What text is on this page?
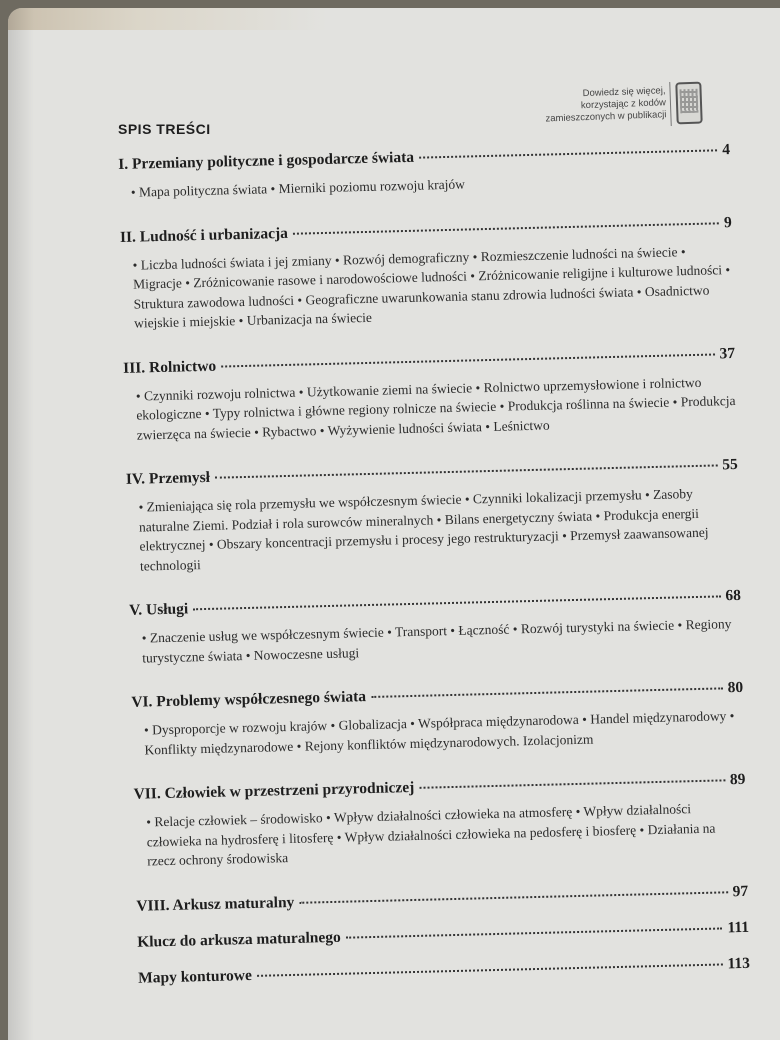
Dowiedz się więcej,
korzystając z kodów
zamieszczonych w publikacji
SPIS TREŚCI
I. Przemiany polityczne i gospodarcze świata	4
• Mapa polityczna świata • Mierniki poziomu rozwoju krajów
II. Ludność i urbanizacja
9
• Liczba ludności świata i jej zmiany • Rozwój demograficzny • Rozmieszczenie ludności na świecie • Migracje • Zróżnicowanie rasowe i narodowościowe ludności • Zróżnicowanie religijne i kulturowe ludności • Struktura zawodowa ludności • Geograficzne uwarunkowania stanu zdrowia ludności świata • Osadnictwo wiejskie i miejskie • Urbanizacja na świecie
III. Rolnictwo
37
• Czynniki rozwoju rolnictwa • Użytkowanie ziemi na świecie • Rolnictwo uprzemysłowione i rolnictwo ekologiczne • Typy rolnictwa i główne regiony rolnicze na świecie • Produkcja roślinna na świecie • Produkcja zwierzęca na świecie • Rybactwo • Wyżywienie ludności świata • Leśnictwo
IV. Przemysł
55
• Zmieniająca się rola przemysłu we współczesnym świecie • Czynniki lokalizacji przemysłu • Zasoby naturalne Ziemi. Podział i rola surowców mineralnych • Bilans energetyczny świata • Produkcja energii elektrycznej • Obszary koncentracji przemysłu i procesy jego restrukturyzacji • Przemysł zaawansowanej technologii
V. Usługi
68
• Znaczenie usług we współczesnym świecie • Transport • Łączność • Rozwój turystyki na świecie • Regiony turystyczne świata • Nowoczesne usługi
VI. Problemy współczesnego świata
80
• Dysproporcje w rozwoju krajów • Globalizacja • Współpraca międzynarodowa • Handel międzynarodowy • Konflikty międzynarodowe • Rejony konfliktów międzynarodowych. Izolacjonizm
VII. Człowiek w przestrzeni przyrodniczej	89
• Relacje człowiek – środowisko • Wpływ działalności człowieka na atmosferę • Wpływ działalności człowieka na hydrosferę i litosferę • Wpływ działalności człowieka na pedosferę i biosferę • Działania na rzecz ochrony środowiska
VIII. Arkusz maturalny
97
Klucz do arkusza maturalnego
111
Mapy konturowe
113
